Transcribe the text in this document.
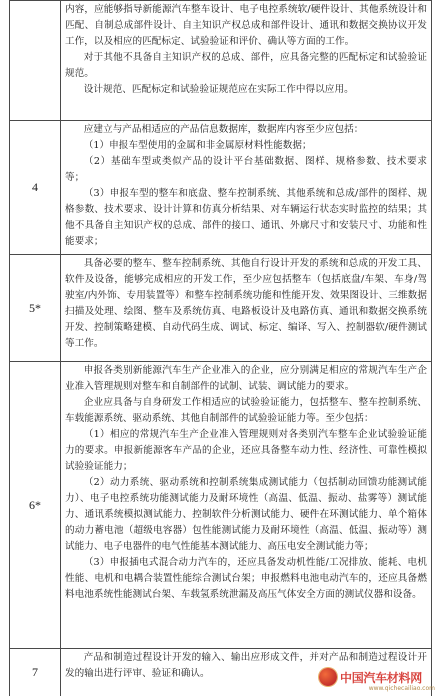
	内容，应能够指导新能源汽车整车设计、电子电控系统软/硬件设计、其他系统设计和匹配、自制总成部件设计、自主知识产权总成和部件设计、通讯和数据交换协议开发工作，以及相应的匹配标定、试验验证和评价、确认等方面的工作。

对于其他不具备自主知识产权的总成、部件，应具备完整的匹配标定和试验验证规范。

设计规范、匹配标定和试验验证规范应在实际工作中得以应用。

4	应建立与产品相适应的产品信息数据库，数据库内容至少应包括：

（1）申报车型使用的金属和非金属原材料性能数据；

（2）基础车型或类似产品的设计平台基础数据、图样、规格参数、技术要求等；

（3）申报车型的整车和底盘、整车控制系统、其他系统和总成/部件的图样、规格参数、技术要求、设计计算和仿真分析结果、对车辆运行状态实时监控的结果；其他不具备自主知识产权的总成、部件的接口、通讯、外廓尺寸和安装尺寸、功能和性能要求；

5*	具备必要的整车、整车控制系统、其他自行设计开发的系统和总成的开发工具、软件及设备，能够完成相应的开发工作，至少应包括整车（包括底盘/车架、车身/驾驶室/内外饰、专用装置等）和整车控制系统功能和性能开发、效果图设计、三维数据扫描及处理、绘图、整车及系统仿真、电路板设计及电路仿真、通讯和数据交换系统开发、控制策略建模、自动代码生成、调试、标定、编译、写入、控制器软/硬件测试等工作。

6*	申报各类别新能源汽车生产企业准入的企业，应分别满足相应的常规汽车生产企业准入管理规则对整车和自制部件的试制、试装、调试能力的要求。

企业应具备与自身研发工作相适应的试验验证能力，包括整车、整车控制系统、车载能源系统、驱动系统、其他自制部件的试验验证能力等。至少包括：

（1）相应的常规汽车生产企业准入管理规则对各类别汽车整车企业试验验证能力的要求。申报新能源客车产品的企业，还应具备整车动力性、经济性、可靠性模拟试验验证能力；

（2）动力系统、驱动系统和控制系统集成测试能力（包括制动回馈功能测试能力）、电子电控系统功能测试能力及耐环境性（高温、低温、振动、盐雾等）测试能力、通讯系统模拟测试能力、控制软件分析测试能力、硬件在环测试能力、单个箱体的动力蓄电池（超级电容器）包性能测试能力及耐环境性（高温、低温、振动等）测试能力、电子电器件的电气性能基本测试能力、高压电安全测试能力等；

（3）申报插电式混合动力汽车的，还应具备发动机性能/工况排放、能耗、电机性能、电机和电耦合装置性能综合测试台架；申报燃料电池电动汽车的，还应具备燃料电池系统性能测试台架、车载氢系统泄漏及高压气体安全方面的测试仪器和设备。

7	产品和制造过程设计开发的输入、输出应形成文件，并对产品和制造过程设计开发的输出进行评审、验证和确认。	中国汽车材料网
www.qichecailiao.com
